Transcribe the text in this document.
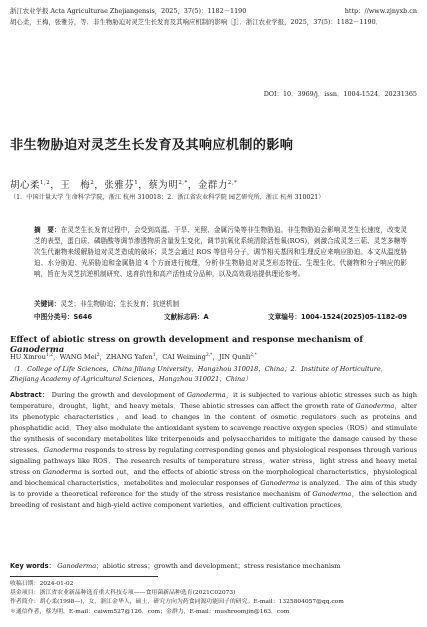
浙江农业学报 Acta Agriculturae Zhejiangensis，2025，37(5)：1182－1190	http：//www.zjnyxb.cn
胡心柔，王梅，张雅芬，等．非生物胁迫对灵芝生长发育及其响应机制的影响［J］．浙江农业学报，2025，37(5)：1182－1190．
DOI：10．3969/j．issn．1004-1524．20231365
非生物胁迫对灵芝生长发育及其响应机制的影响
胡心柔$^{1,2}$，王　梅$^2$，张雅芬$^1$，蔡为明$^{2,*}$，金群力$^{2,*}$
（1．中国计量大学 生命科学学院，浙江 杭州 310018；2．浙江省农业科学院 园艺研究所，浙江 杭州 310021）
摘　要：在灵芝生长发育过程中，会受到高温、干旱、光照、金属污染等非生物胁迫。非生物胁迫会影响灵芝生长速度，改变灵芝的表型，蛋白质、磷脂酸等调节渗透物质含量发生变化，调节抗氧化系统清除活性氧(ROS)，刺激合成灵芝三萜、灵芝多糖等次生代谢物来缓解胁迫对灵芝造成的破坏；灵芝会通过 ROS 等信号分子，调节相关基因和生理反应来响应胁迫。本文从温度胁迫、水分胁迫、光质胁迫和金属胁迫 4 个方面进行梳理，分析非生物胁迫对灵芝形态特征、生理生化、代谢物和分子响应的影响，旨在为灵芝抗逆机制研究、选育抗性和高产活性成分品种，以及高效栽培提供理论参考。
关键词：灵芝；非生物胁迫；生长发育；抗逆机制
中图分类号：S646	文献标志码：A	文章编号：1004-1524(2025)05-1182-09
Effect of abiotic stress on growth development and response mechanism of Ganoderma
HU Xinrou$^{1,2}$，WANG Mei$^2$，ZHANG Yafen$^1$，CAI Weiming$^{2,*}$，JIN Qunli$^{2,*}$
（1．College of Life Sciences，China Jiliang University，Hangzhou 310018，China；2．Institute of Horticulture，Zhejiang Academy of Agricultural Sciences，Hangzhou 310021，China）
Abstract： During the growth and development of Ganoderma，it is subjected to various abiotic stresses such as high temperature，drought，light，and heavy metals．These abiotic stresses can affect the growth rate of Ganoderma，alter its phenotypic characteristics，and lead to changes in the content of osmotic regulators such as proteins and phosphatidic acid．They also modulate the antioxidant system to scavenge reactive oxygen species（ROS）and stimulate the synthesis of secondary metabolites like triterpenoids and polysaccharides to mitigate the damage caused by these stresses．Ganoderma responds to stress by regulating corresponding genes and physiological responses through various signaling pathways like ROS．The research results of temperature stress，water stress，light stress and heavy metal stress on Ganoderma is sorted out，and the effects of abiotic stress on the morphological characteristics，physiological and biochemical characteristics，metabolites and molecular responses of Ganoderma is analyzed．The aim of this study is to provide a theoretical reference for the study of the stress resistance mechanism of Ganoderma，the selection and breeding of resistant and high-yield active component varieties，and efficient cultivation practices．
Key words： Ganoderma；abiotic stress；growth and development；stress resistance mechanism
收稿日期：2024-01-02
基金项目：浙江省农业新品种选育重大科技专项——食用菌新品种选育(2021C02073)
作者简介：胡心柔(1998—)，女，浙江金华人，硕士，研究方向为药食同源功能因子的研究。E-mail：1325804057@qq.com
＊通信作者，蔡为明，E-mail：caiwm527@126．com；金群力，E-mail：mushroomjin@163．com
